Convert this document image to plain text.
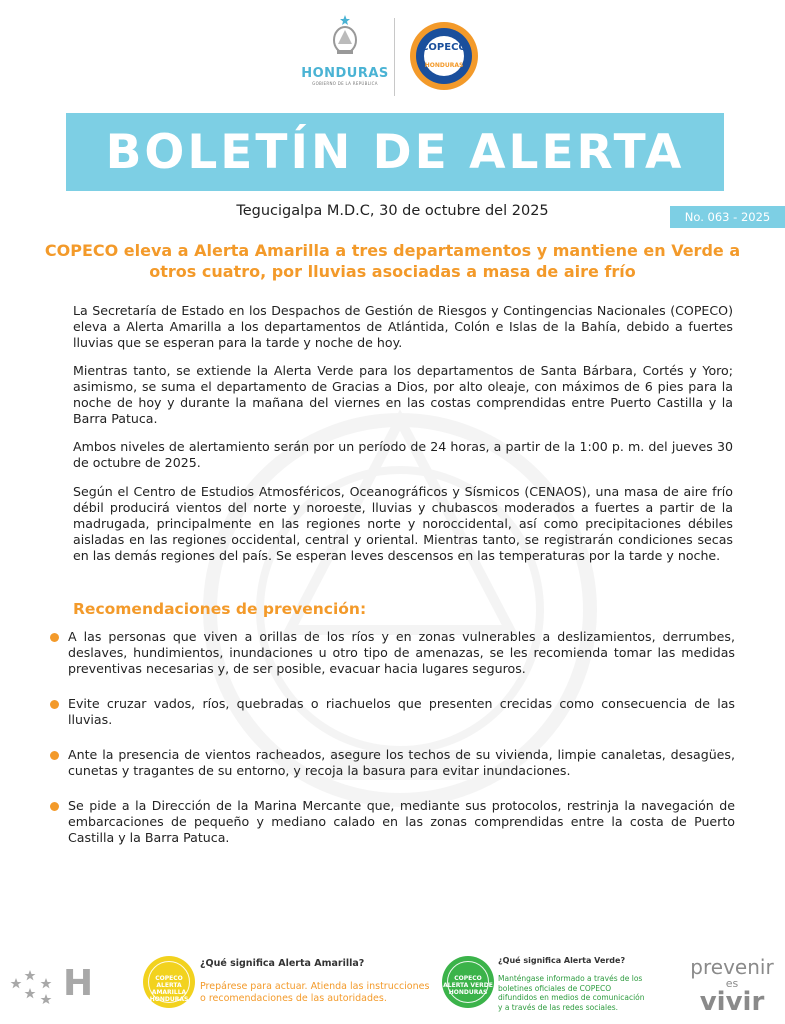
HONDURAS
GOBIERNO DE LA REPÚBLICA
COPECO
HONDURAS
BOLETÍN DE ALERTA
Tegucigalpa M.D.C, 30 de octubre del 2025	No. 063 - 2025
COPECO eleva a Alerta Amarilla a tres departamentos y mantiene en Verde a otros cuatro, por lluvias asociadas a masa de aire frío

La Secretaría de Estado en los Despachos de Gestión de Riesgos y Contingencias Nacionales (COPECO) eleva a Alerta Amarilla a los departamentos de Atlántida, Colón e Islas de la Bahía, debido a fuertes lluvias que se esperan para la tarde y noche de hoy.

Mientras tanto, se extiende la Alerta Verde para los departamentos de Santa Bárbara, Cortés y Yoro; asimismo, se suma el departamento de Gracias a Dios, por alto oleaje, con máximos de 6 pies para la noche de hoy y durante la mañana del viernes en las costas comprendidas entre Puerto Castilla y la Barra Patuca.

Ambos niveles de alertamiento serán por un período de 24 horas, a partir de la 1:00 p. m. del jueves 30 de octubre de 2025.

Según el Centro de Estudios Atmosféricos, Oceanográficos y Sísmicos (CENAOS), una masa de aire frío débil producirá vientos del norte y noroeste, lluvias y chubascos moderados a fuertes a partir de la madrugada, principalmente en las regiones norte y noroccidental, así como precipitaciones débiles aisladas en las regiones occidental, central y oriental. Mientras tanto, se registrarán condiciones secas en las demás regiones del país. Se esperan leves descensos en las temperaturas por la tarde y noche.

Recomendaciones de prevención:
A las personas que viven a orillas de los ríos y en zonas vulnerables a deslizamientos, derrumbes, deslaves, hundimientos, inundaciones u otro tipo de amenazas, se les recomienda tomar las medidas preventivas necesarias y, de ser posible, evacuar hacia lugares seguros.
Evite cruzar vados, ríos, quebradas o riachuelos que presenten crecidas como consecuencia de las lluvias.
Ante la presencia de vientos racheados, asegure los techos de su vivienda, limpie canaletas, desagües, cunetas y tragantes de su entorno, y recoja la basura para evitar inundaciones.
Se pide a la Dirección de la Marina Mercante que, mediante sus protocolos, restrinja la navegación de embarcaciones de pequeño y mediano calado en las zonas comprendidas entre la costa de Puerto Castilla y la Barra Patuca.
H	COPECO ALERTA AMARILLA HONDURAS
¿Qué significa Alerta Amarilla?
Prepárese para actuar. Atienda las instrucciones o recomendaciones de las autoridades.
COPECO ALERTA VERDE HONDURAS
¿Qué significa Alerta Verde?
Manténgase informado a través de los boletines oficiales de COPECO difundidos en medios de comunicación y a través de las redes sociales.
prevenir
es
vivir
